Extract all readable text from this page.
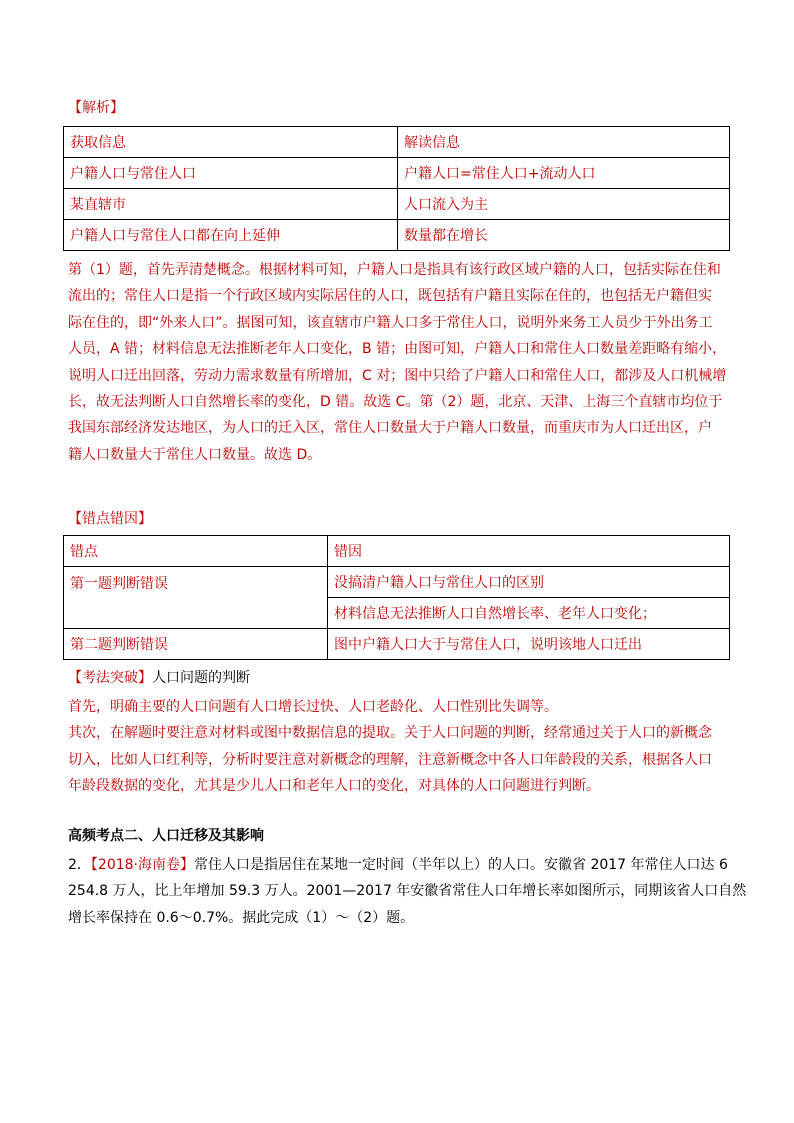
【解析】
获取信息	解读信息
户籍人口与常住人口	户籍人口=常住人口+流动人口
某直辖市	人口流入为主
户籍人口与常住人口都在向上延伸	数量都在增长

第（1）题，首先弄清楚概念。根据材料可知，户籍人口是指具有该行政区域户籍的人口，包括实际在住和

流出的；常住人口是指一个行政区域内实际居住的人口，既包括有户籍且实际在住的，也包括无户籍但实

际在住的，即“外来人口”。据图可知，该直辖市户籍人口多于常住人口，说明外来务工人员少于外出务工

人员，A 错；材料信息无法推断老年人口变化，B 错；由图可知，户籍人口和常住人口数量差距略有缩小，

说明人口迁出回落，劳动力需求数量有所增加，C 对；图中只给了户籍人口和常住人口，都涉及人口机械增

长，故无法判断人口自然增长率的变化，D 错。故选 C。第（2）题，北京、天津、上海三个直辖市均位于

我国东部经济发达地区，为人口的迁入区，常住人口数量大于户籍人口数量，而重庆市为人口迁出区，户

籍人口数量大于常住人口数量。故选 D。

【错点错因】
错点	错因
第一题判断错误	没搞清户籍人口与常住人口的区别
	材料信息无法推断人口自然增长率、老年人口变化；
第二题判断错误	图中户籍人口大于与常住人口，说明该地人口迁出
【考法突破】人口问题的判断

首先，明确主要的人口问题有人口增长过快、人口老龄化、人口性别比失调等。

其次，在解题时要注意对材料或图中数据信息的提取。关于人口问题的判断，经常通过关于人口的新概念

切入，比如人口红利等，分析时要注意对新概念的理解，注意新概念中各人口年龄段的关系，根据各人口

年龄段数据的变化，尤其是少儿人口和老年人口的变化，对具体的人口问题进行判断。

高频考点二、人口迁移及其影响

2．【2018·海南卷】常住人口是指居住在某地一定时间（半年以上）的人口。安徽省 2017 年常住人口达 6

254.8 万人，比上年增加 59.3 万人。2001—2017 年安徽省常住人口年增长率如图所示，同期该省人口自然

增长率保持在 0.6～0.7%。据此完成（1）～（2）题。
